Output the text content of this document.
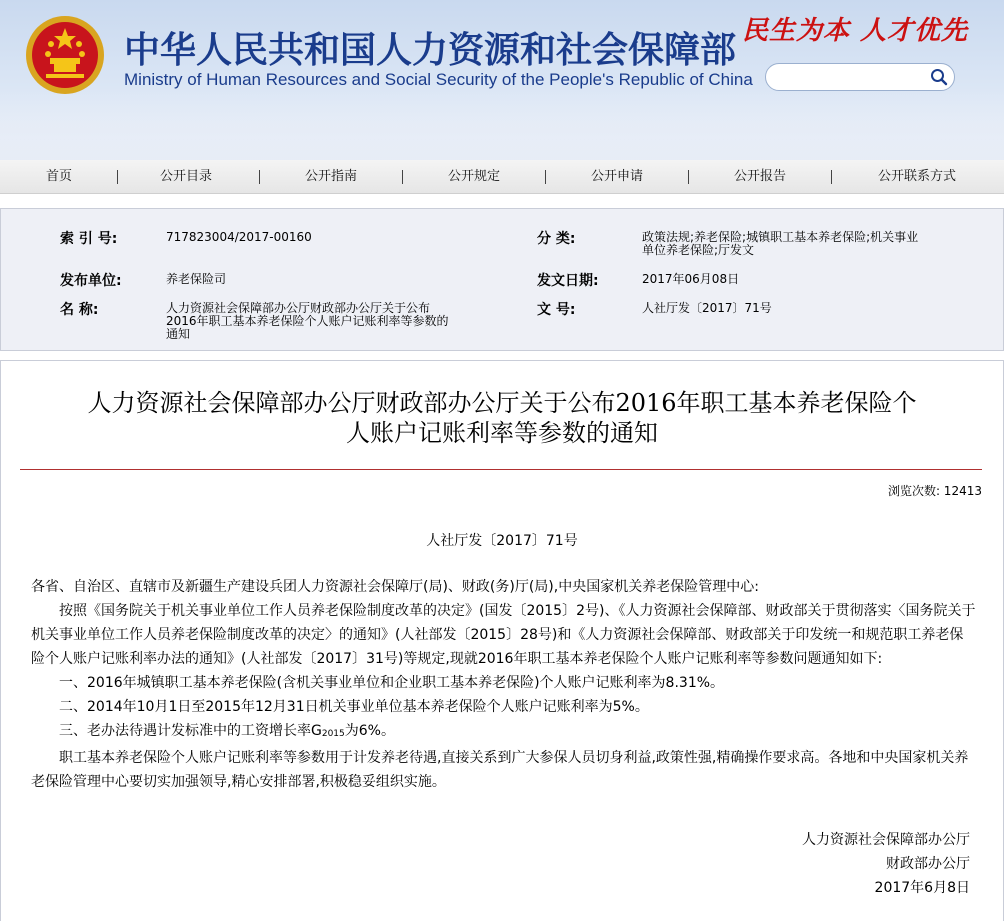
中华人民共和国人力资源和社会保障部
Ministry of Human Resources and Social Security of the People's Republic of China
民生为本 人才优先
首页	公开目录	公开指南	公开规定	公开申请	公开报告	公开联系方式
索 引 号:	717823004/2017-00160	分 类:	政策法规;养老保险;城镇职工基本养老保险;机关事业
单位养老保险;厅发文
发布单位:	养老保险司	发文日期:	2017年06月08日
名 称:	人力资源社会保障部办公厅财政部办公厅关于公布
2016年职工基本养老保险个人账户记账利率等参数的
通知
文 号:	人社厅发〔2017〕71号
人力资源社会保障部办公厅财政部办公厅关于公布2016年职工基本养老保险个
人账户记账利率等参数的通知
浏览次数: 12413
人社厅发〔2017〕71号

各省、自治区、直辖市及新疆生产建设兵团人力资源社会保障厅(局)、财政(务)厅(局),中央国家机关养老保险管理中心:

按照《国务院关于机关事业单位工作人员养老保险制度改革的决定》(国发〔2015〕2号)、《人力资源社会保障部、财政部关于贯彻落实〈国务院关于机关事业单位工作人员养老保险制度改革的决定〉的通知》(人社部发〔2015〕28号)和《人力资源社会保障部、财政部关于印发统一和规范职工养老保险个人账户记账利率办法的通知》(人社部发〔2017〕31号)等规定,现就2016年职工基本养老保险个人账户记账利率等参数问题通知如下:

一、2016年城镇职工基本养老保险(含机关事业单位和企业职工基本养老保险)个人账户记账利率为8.31%。

二、2014年10月1日至2015年12月31日机关事业单位基本养老保险个人账户记账利率为5%。

三、老办法待遇计发标准中的工资增长率$G_{2015}$为6%。

职工基本养老保险个人账户记账利率等参数用于计发养老待遇,直接关系到广大参保人员切身利益,政策性强,精确操作要求高。各地和中央国家机关养老保险管理中心要切实加强领导,精心安排部署,积极稳妥组织实施。

人力资源社会保障部办公厅
财政部办公厅
2017年6月8日
